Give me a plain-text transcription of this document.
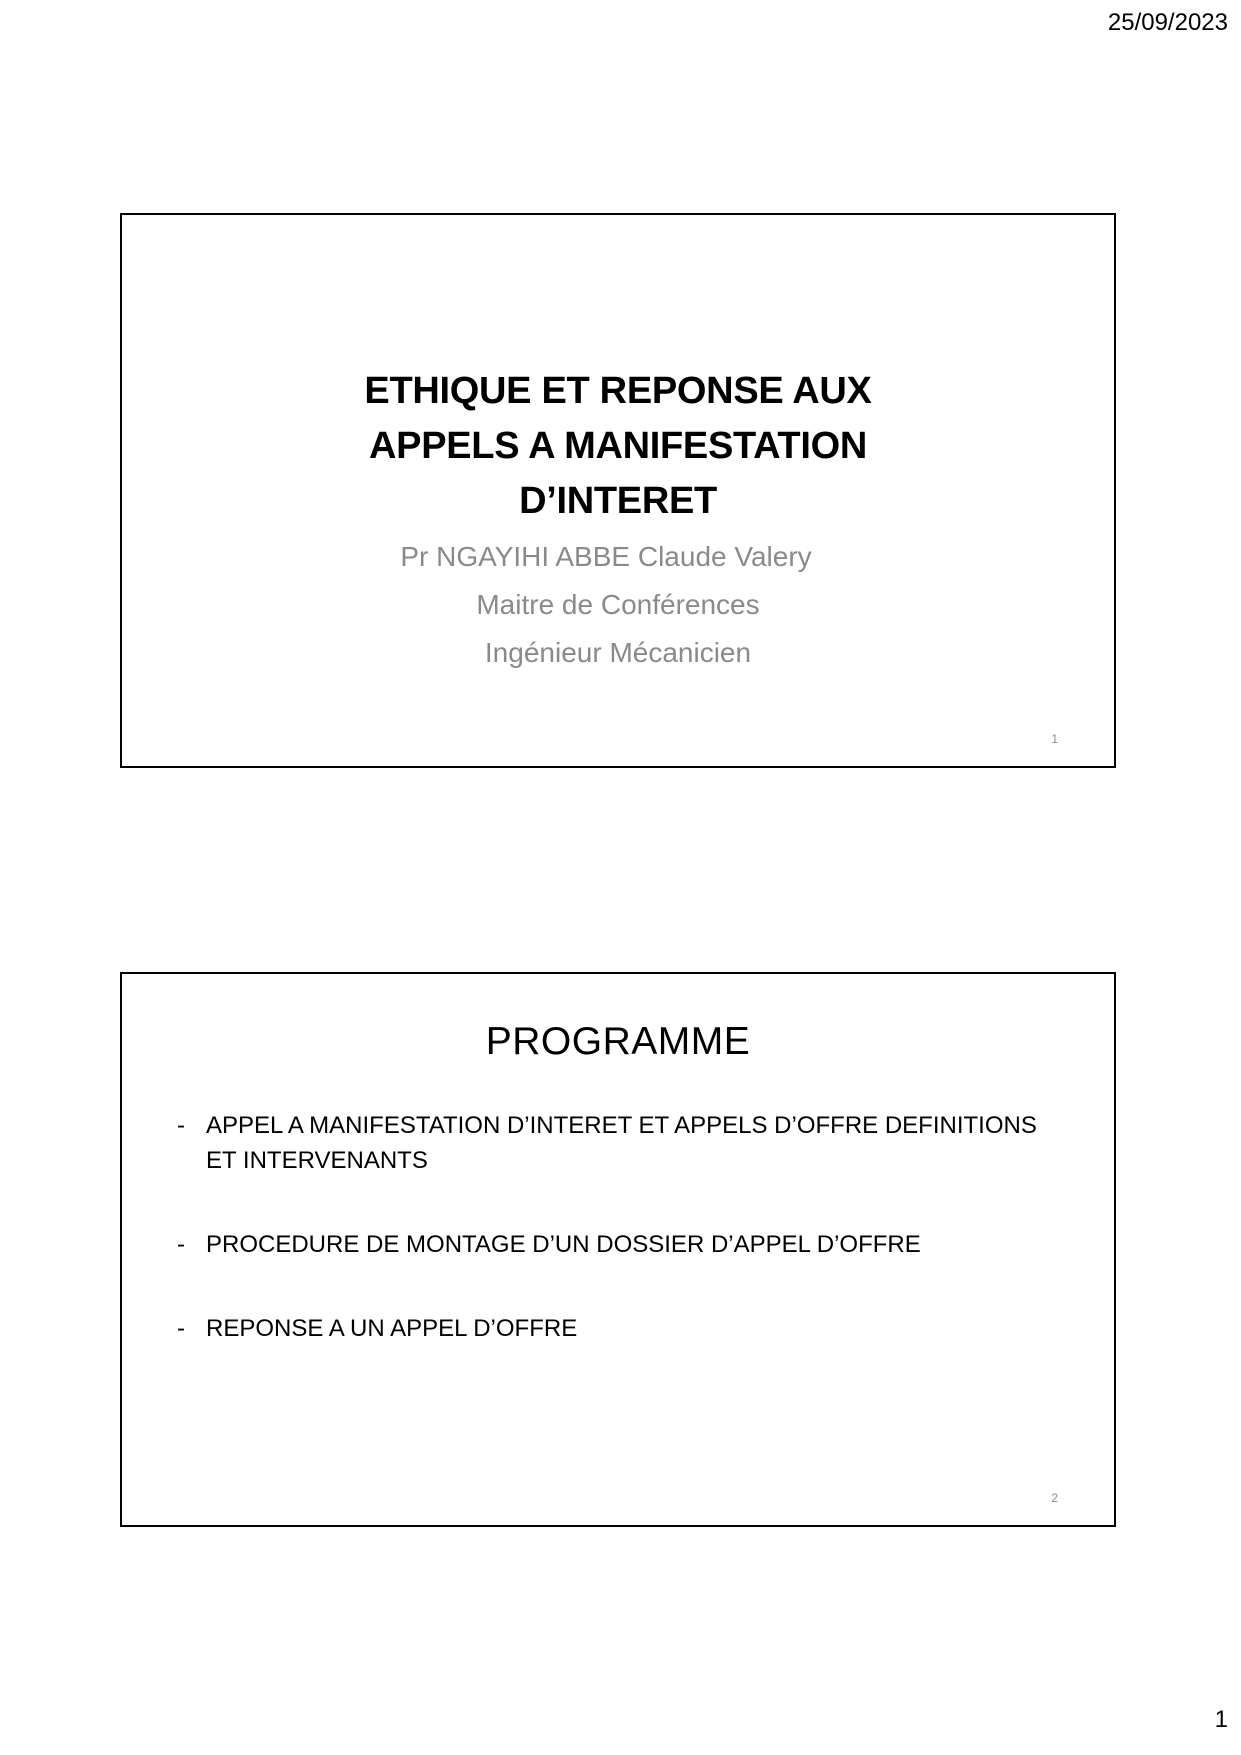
25/09/2023
ETHIQUE ET REPONSE AUX
APPELS A MANIFESTATION
D’INTERET
Pr NGAYIHI ABBE Claude Valery
Maitre de Conférences
Ingénieur Mécanicien
1
PROGRAMME
- APPEL A MANIFESTATION D’INTERET ET APPELS D’OFFRE DEFINITIONS
ET INTERVENANTS
- PROCEDURE DE MONTAGE D’UN DOSSIER D’APPEL D’OFFRE
- REPONSE A UN APPEL D’OFFRE
2
1
